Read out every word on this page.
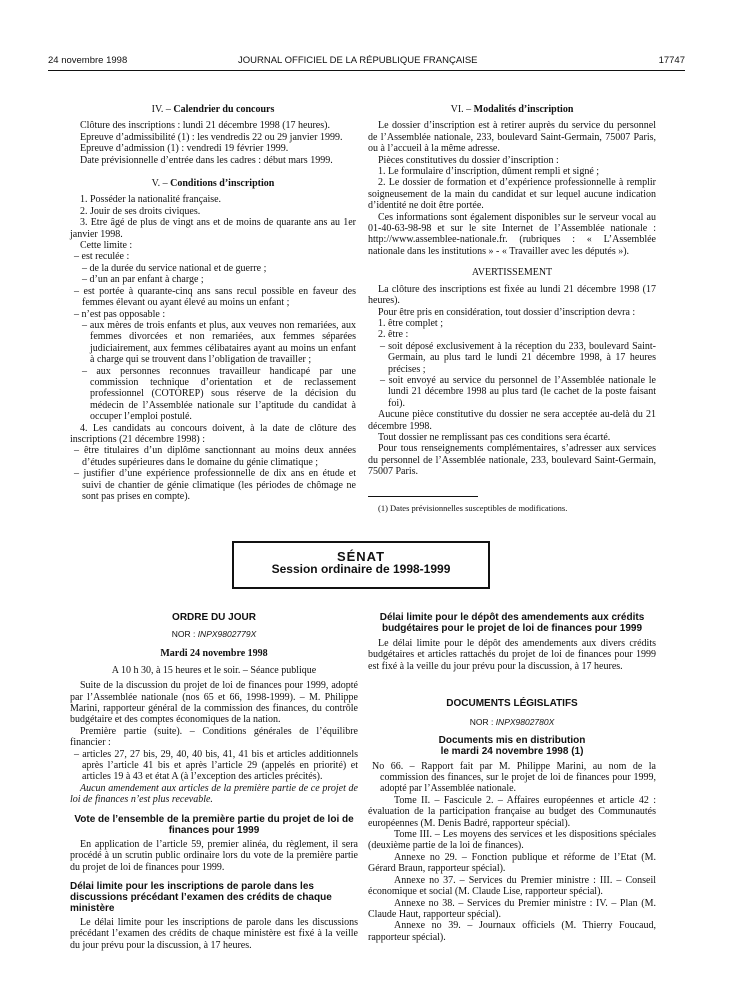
24 novembre 1998	JOURNAL OFFICIEL DE LA RÉPUBLIQUE FRANÇAISE	17747
IV. – Calendrier du concours

Clôture des inscriptions : lundi 21 décembre 1998 (17 heures).

Epreuve d’admissibilité (1) : les vendredis 22 ou 29 janvier 1999.

Epreuve d’admission (1) : vendredi 19 février 1999.

Date prévisionnelle d’entrée dans les cadres : début mars 1999.

V. – Conditions d’inscription

1. Posséder la nationalité française.

2. Jouir de ses droits civiques.

3. Etre âgé de plus de vingt ans et de moins de quarante ans au 1er janvier 1998.

Cette limite :

– est reculée :

– de la durée du service national et de guerre ;

– d’un an par enfant à charge ;

– est portée à quarante-cinq ans sans recul possible en faveur des femmes élevant ou ayant élevé au moins un enfant ;

– n’est pas opposable :

– aux mères de trois enfants et plus, aux veuves non remariées, aux femmes divorcées et non remariées, aux femmes séparées judiciairement, aux femmes célibataires ayant au moins un enfant à charge qui se trouvent dans l’obligation de travailler ;

– aux personnes reconnues travailleur handicapé par une commission technique d’orientation et de reclassement professionnel (COTOREP) sous réserve de la décision du médecin de l’Assemblée nationale sur l’aptitude du candidat à occuper l’emploi postulé.

4. Les candidats au concours doivent, à la date de clôture des inscriptions (21 décembre 1998) :

– être titulaires d’un diplôme sanctionnant au moins deux années d’études supérieures dans le domaine du génie climatique ;

– justifier d’une expérience professionnelle de dix ans en étude et suivi de chantier de génie climatique (les périodes de chômage ne sont pas prises en compte).

VI. – Modalités d’inscription

Le dossier d’inscription est à retirer auprès du service du personnel de l’Assemblée nationale, 233, boulevard Saint-Germain, 75007 Paris, ou à l’accueil à la même adresse.

Pièces constitutives du dossier d’inscription :

1. Le formulaire d’inscription, dûment rempli et signé ;

2. Le dossier de formation et d’expérience professionnelle à remplir soigneusement de la main du candidat et sur lequel aucune indication d’identité ne doit être portée.

Ces informations sont également disponibles sur le serveur vocal au 01-40-63-98-98 et sur le site Internet de l’Assemblée nationale : http://www.assemblee-nationale.fr. (rubriques : « L’Assemblée nationale dans les institutions » - « Travailler avec les députés »).

AVERTISSEMENT

La clôture des inscriptions est fixée au lundi 21 décembre 1998 (17 heures).

Pour être pris en considération, tout dossier d’inscription devra :

1. être complet ;

2. être :

– soit déposé exclusivement à la réception du 233, boulevard Saint-Germain, au plus tard le lundi 21 décembre 1998, à 17 heures précises ;

– soit envoyé au service du personnel de l’Assemblée nationale le lundi 21 décembre 1998 au plus tard (le cachet de la poste faisant foi).

Aucune pièce constitutive du dossier ne sera acceptée au-delà du 21 décembre 1998.

Tout dossier ne remplissant pas ces conditions sera écarté.

Pour tous renseignements complémentaires, s’adresser aux services du personnel de l’Assemblée nationale, 233, boulevard Saint-Germain, 75007 Paris.

(1) Dates prévisionnelles susceptibles de modifications.

SÉNAT
Session ordinaire de 1998-1999
ORDRE DU JOUR
NOR : INPX9802779X
Mardi 24 novembre 1998
A 10 h 30, à 15 heures et le soir. – Séance publique

Suite de la discussion du projet de loi de finances pour 1999, adopté par l’Assemblée nationale (nos 65 et 66, 1998-1999). – M. Philippe Marini, rapporteur général de la commission des finances, du contrôle budgétaire et des comptes économiques de la nation.

Première partie (suite). – Conditions générales de l’équilibre financier :

– articles 27, 27 bis, 29, 40, 40 bis, 41, 41 bis et articles additionnels après l’article 41 bis et après l’article 29 (appelés en priorité) et articles 19 à 43 et état A (à l’exception des articles précités).

Aucun amendement aux articles de la première partie de ce projet de loi de finances n’est plus recevable.

Vote de l’ensemble de la première partie du projet de loi de finances pour 1999

En application de l’article 59, premier alinéa, du règlement, il sera procédé à un scrutin public ordinaire lors du vote de la première partie du projet de loi de finances pour 1999.

Délai limite pour les inscriptions de parole dans les discussions précédant l’examen des crédits de chaque ministère

Le délai limite pour les inscriptions de parole dans les discussions précédant l’examen des crédits de chaque ministère est fixé à la veille du jour prévu pour la discussion, à 17 heures.

Délai limite pour le dépôt des amendements aux crédits budgétaires pour le projet de loi de finances pour 1999

Le délai limite pour le dépôt des amendements aux divers crédits budgétaires et articles rattachés du projet de loi de finances pour 1999 est fixé à la veille du jour prévu pour la discussion, à 17 heures.

DOCUMENTS LÉGISLATIFS
NOR : INPX9802780X
Documents mis en distribution
le mardi 24 novembre 1998 (1)

No 66. – Rapport fait par M. Philippe Marini, au nom de la commission des finances, sur le projet de loi de finances pour 1999, adopté par l’Assemblée nationale.

Tome II. – Fascicule 2. – Affaires européennes et article 42 : évaluation de la participation française au budget des Communautés européennes (M. Denis Badré, rapporteur spécial).

Tome III. – Les moyens des services et les dispositions spéciales (deuxième partie de la loi de finances).

Annexe no 29. – Fonction publique et réforme de l’Etat (M. Gérard Braun, rapporteur spécial).

Annexe no 37. – Services du Premier ministre : III. – Conseil économique et social (M. Claude Lise, rapporteur spécial).

Annexe no 38. – Services du Premier ministre : IV. – Plan (M. Claude Haut, rapporteur spécial).

Annexe no 39. – Journaux officiels (M. Thierry Foucaud, rapporteur spécial).
